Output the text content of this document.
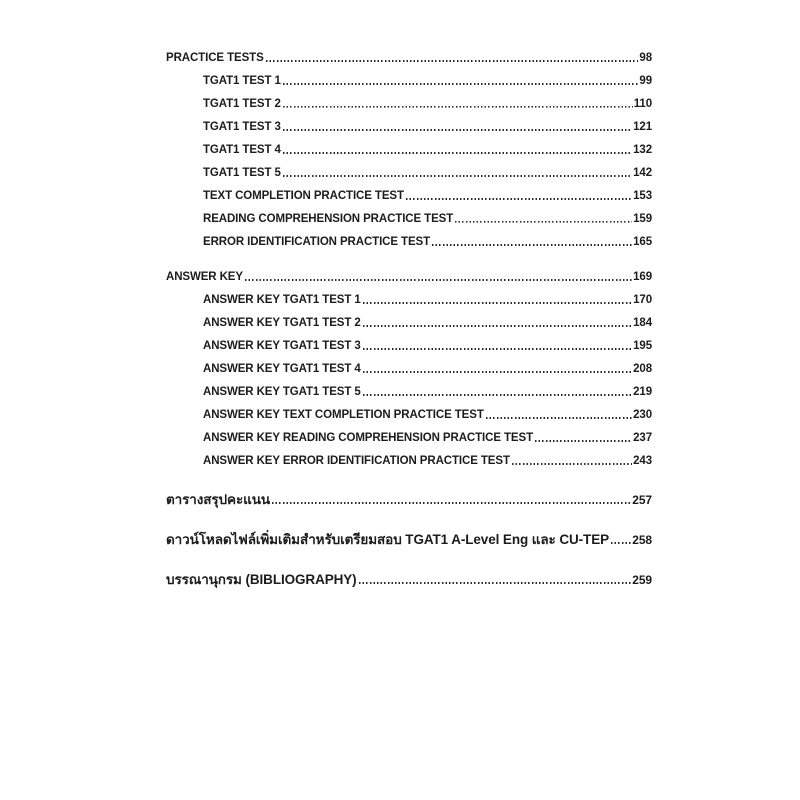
PRACTICE TESTS	98
TGAT1 TEST 1	99
TGAT1 TEST 2	110
TGAT1 TEST 3	121
TGAT1 TEST 4	132
TGAT1 TEST 5	142
TEXT COMPLETION PRACTICE TEST	153
READING COMPREHENSION PRACTICE TEST	159
ERROR IDENTIFICATION PRACTICE TEST	165
ANSWER KEY	169
ANSWER KEY TGAT1 TEST 1	170
ANSWER KEY TGAT1 TEST 2	184
ANSWER KEY TGAT1 TEST 3	195
ANSWER KEY TGAT1 TEST 4	208
ANSWER KEY TGAT1 TEST 5	219
ANSWER KEY TEXT COMPLETION PRACTICE TEST	230
ANSWER KEY READING COMPREHENSION PRACTICE TEST	237
ANSWER KEY ERROR IDENTIFICATION PRACTICE TEST	243
ตารางสรุปคะแนน	257
ดาวน์โหลดไฟล์เพิ่มเติมสำหรับเตรียมสอบ TGAT1 A-Level Eng และ CU-TEP 258
บรรณานุกรม (BIBLIOGRAPHY)	259
